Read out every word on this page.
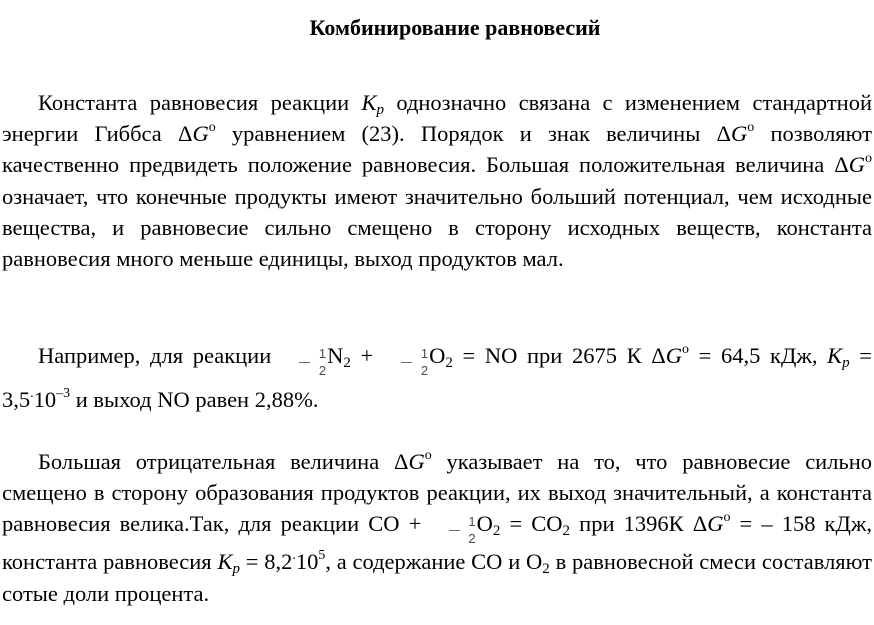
Комбинирование равновесий
Константа равновесия реакции $K_p$ однозначно связана с изменением стандартной энергии Гиббса $\Delta G^o$ уравнением (23). Порядок и знак величины $\Delta G^o$ позволяют качественно предвидеть положение равновесия. Большая положительная величина $\Delta G^o$ означает, что конечные продукты имеют значительно больший потенциал, чем исходные вещества, и равновесие сильно смещено в сторону исходных веществ, константа равновесия много меньше единицы, выход продуктов мал.
Например, для реакции $\frac{1}{2} N_2 + \frac{1}{2} O_2$ = NO при 2675 К $\Delta G^o = 64,5$ кДж, $K_p = 3,5^.10^{-3}$ и выход NO равен 2,88%.
Большая отрицательная величина $\Delta G^o$ указывает на то, что равновесие сильно смещено в сторону образования продуктов реакции, их выход значительный, а константа равновесия велика.Так, для реакции СО + $\frac{1}{2} O_2 = СО_2$ при 1396К $\Delta G^o$ = – 158 кДж, константа равновесия $K_p = 8,2^.10^5$, а содержание СО и $О_2$ в равновесной смеси составляют сотые доли процента.
